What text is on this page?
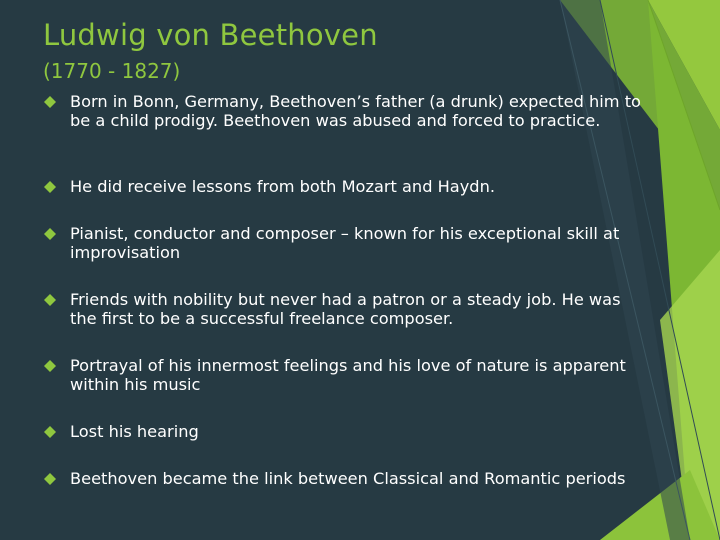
Ludwig von Beethoven
(1770 - 1827)
Born in Bonn, Germany, Beethoven’s father (a drunk) expected him to be a child prodigy. Beethoven was abused and forced to practice.
He did receive lessons from both Mozart and Haydn.
Pianist, conductor and composer – known for his exceptional skill at improvisation
Friends with nobility but never had a patron or a steady job. He was the first to be a successful freelance composer.
Portrayal of his innermost feelings and his love of nature is apparent within his music
Lost his hearing
Beethoven became the link between Classical and Romantic periods
